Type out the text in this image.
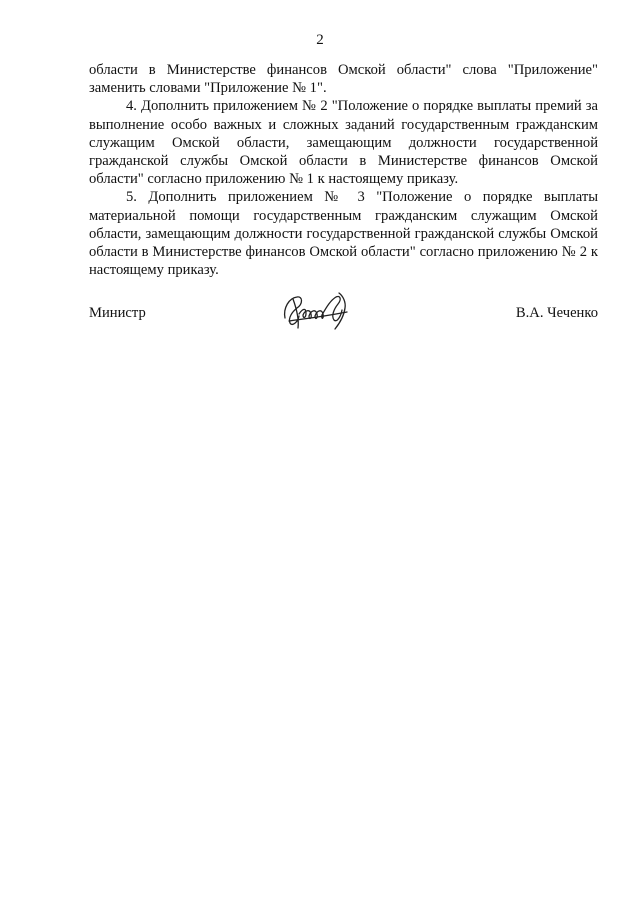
2

области в Министерстве финансов Омской области" слова "Приложение" заменить словами "Приложение № 1".

4. Дополнить приложением № 2 "Положение о порядке выплаты премий за выполнение особо важных и сложных заданий государственным гражданским служащим Омской области, замещающим должности государственной гражданской службы Омской области в Министерстве финансов Омской области" согласно приложению № 1 к настоящему приказу.

5. Дополнить приложением № 3 "Положение о порядке выплаты материальной помощи государственным гражданским служащим Омской области, замещающим должности государственной гражданской службы Омской области в Министерстве финансов Омской области" согласно приложению № 2 к настоящему приказу.

Министр	В.А. Чеченко
